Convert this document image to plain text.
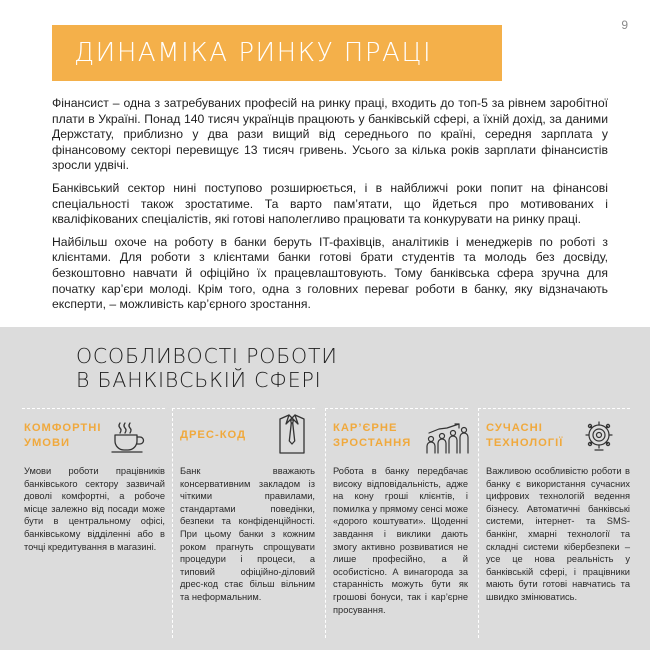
9
ДИНАМІКА РИНКУ ПРАЦІ

Фінансист – одна з затребуваних професій на ринку праці, входить до топ-5 за рівнем заробітної плати в Україні. Понад 140 тисяч українців працюють у банківській сфері, а їхній дохід, за даними Держстату, приблизно у два рази вищий від середнього по країні, середня зарплата у фінансовому секторі перевищує 13 тисяч гривень. Усього за кілька років зарплати фінансистів зросли удвічі.

Банківський сектор нині поступово розширюється, і в найближчі роки попит на фінансові спеціальності також зростатиме. Та варто пам’ятати, що йдеться про мотивованих і кваліфікованих спеціалістів, які готові наполегливо працювати та конкурувати на ринку праці.

Найбільш охоче на роботу в банки беруть IT-фахівців, аналітиків і менеджерів по роботі з клієнтами. Для роботи з клієнтами банки готові брати студентів та молодь без досвіду, безкоштовно навчати й офіційно їх працевлаштовують. Тому банківська сфера зручна для початку кар’єри молоді. Крім того, одна з головних переваг роботи в банку, яку відзначають експерти, – можливість кар’єрного зростання.

ОСОБЛИВОСТІ РОБОТИ
В БАНКІВСЬКІЙ СФЕРІ
КОМФОРТНІ
УМОВИ
Умови роботи працівників банківського сектору зазвичай доволі комфортні, а робоче місце залежно від посади може бути в центральному офісі, банківському відділенні або в точці кредитування в магазині.
ДРЕС-КОД
Банк вважають консервативним закладом із чіткими правилами, стандартами поведінки, безпеки та конфіденційності. При цьому банки з кожним роком прагнуть спрощувати процедури і процеси, а типовий офіційно-діловий дрес-код стає більш вільним та неформальним.
КАР’ЄРНЕ
ЗРОСТАННЯ
Робота в банку передбачає високу відповідальність, адже на кону гроші клієнтів, і помилка у прямому сенсі може «дорого коштувати». Щоденні завдання і виклики дають змогу активно розвиватися не лише професійно, а й особистісно. А винагорода за старанність можуть бути як грошові бонуси, так і кар’єрне просування.
СУЧАСНІ
ТЕХНОЛОГІЇ
Важливою особливістю роботи в банку є використання сучасних цифрових технологій ведення бізнесу. Автоматичні банківські системи, інтернет- та SMS-банкінг, хмарні технології та складні системи кібербезпеки – усе це нова реальність у банківській сфері, і працівники мають бути готові навчатись та швидко змінюватись.
